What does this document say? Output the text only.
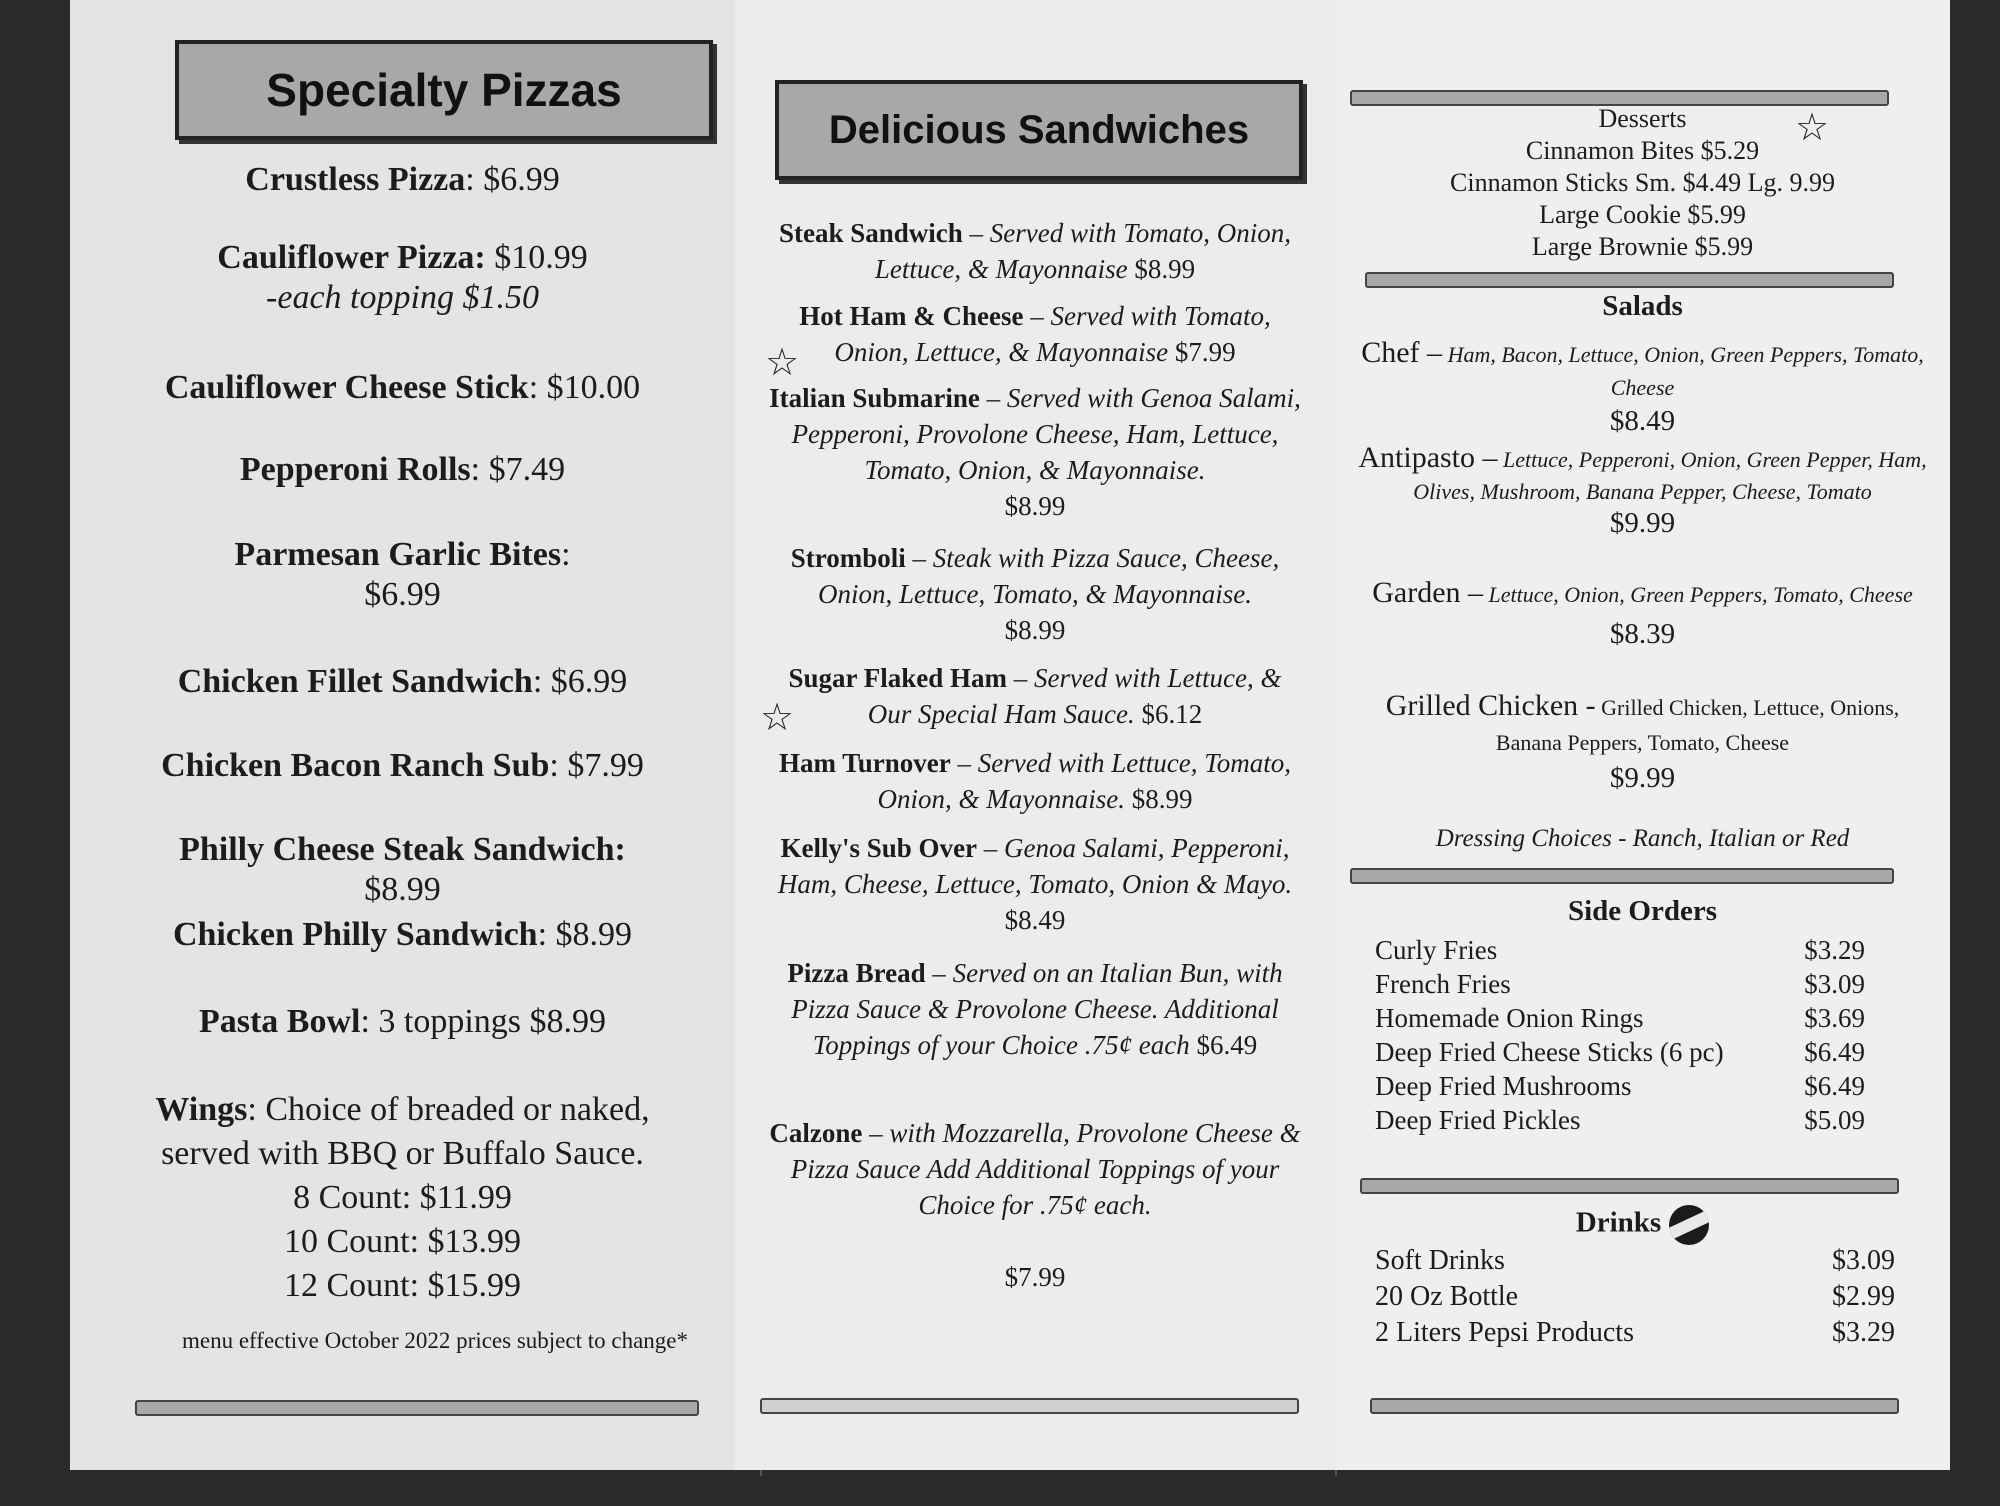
Specialty Pizzas
Crustless Pizza: $6.99
Cauliflower Pizza: $10.99
-each topping $1.50
Cauliflower Cheese Stick: $10.00
Pepperoni Rolls: $7.49
Parmesan Garlic Bites:
$6.99
Chicken Fillet Sandwich: $6.99
Chicken Bacon Ranch Sub: $7.99
Philly Cheese Steak Sandwich:
$8.99
Chicken Philly Sandwich: $8.99
Pasta Bowl: 3 toppings $8.99
Wings: Choice of breaded or naked,
served with BBQ or Buffalo Sauce.
8 Count: $11.99
10 Count: $13.99
12 Count: $15.99
menu effective October 2022 prices subject to change*
Delicious Sandwiches
Steak Sandwich – Served with Tomato, Onion, Lettuce, & Mayonnaise $8.99
Hot Ham & Cheese – Served with Tomato, Onion, Lettuce, & Mayonnaise $7.99
☆
Italian Submarine – Served with Genoa Salami, Pepperoni, Provolone Cheese, Ham, Lettuce, Tomato, Onion, & Mayonnaise.
$8.99
Stromboli – Steak with Pizza Sauce, Cheese, Onion, Lettuce, Tomato, & Mayonnaise.
$8.99
Sugar Flaked Ham – Served with Lettuce, & Our Special Ham Sauce. $6.12
☆
Ham Turnover – Served with Lettuce, Tomato, Onion, & Mayonnaise. $8.99
Kelly's Sub Over – Genoa Salami, Pepperoni, Ham, Cheese, Lettuce, Tomato, Onion & Mayo. $8.49
Pizza Bread – Served on an Italian Bun, with Pizza Sauce & Provolone Cheese. Additional Toppings of your Choice .75¢ each $6.49
Calzone – with Mozzarella, Provolone Cheese & Pizza Sauce Add Additional Toppings of your Choice for .75¢ each.

$7.99
Desserts
Cinnamon Bites $5.29
Cinnamon Sticks Sm. $4.49 Lg. 9.99
Large Cookie $5.99
Large Brownie $5.99
☆
Salads
Chef – Ham, Bacon, Lettuce, Onion, Green Peppers, Tomato, Cheese
$8.49
Antipasto – Lettuce, Pepperoni, Onion, Green Pepper, Ham, Olives, Mushroom, Banana Pepper, Cheese, Tomato
$9.99
Garden – Lettuce, Onion, Green Peppers, Tomato, Cheese
$8.39
Grilled Chicken - Grilled Chicken, Lettuce, Onions, Banana Peppers, Tomato, Cheese
$9.99
Dressing Choices - Ranch, Italian or Red
Side Orders
Curly Fries	$3.29
French Fries	$3.09
Homemade Onion Rings	$3.69
Deep Fried Cheese Sticks (6 pc)	$6.49
Deep Fried Mushrooms	$6.49
Deep Fried Pickles	$5.09
Drinks
Soft Drinks	$3.09
20 Oz Bottle	$2.99
2 Liters Pepsi Products	$3.29
